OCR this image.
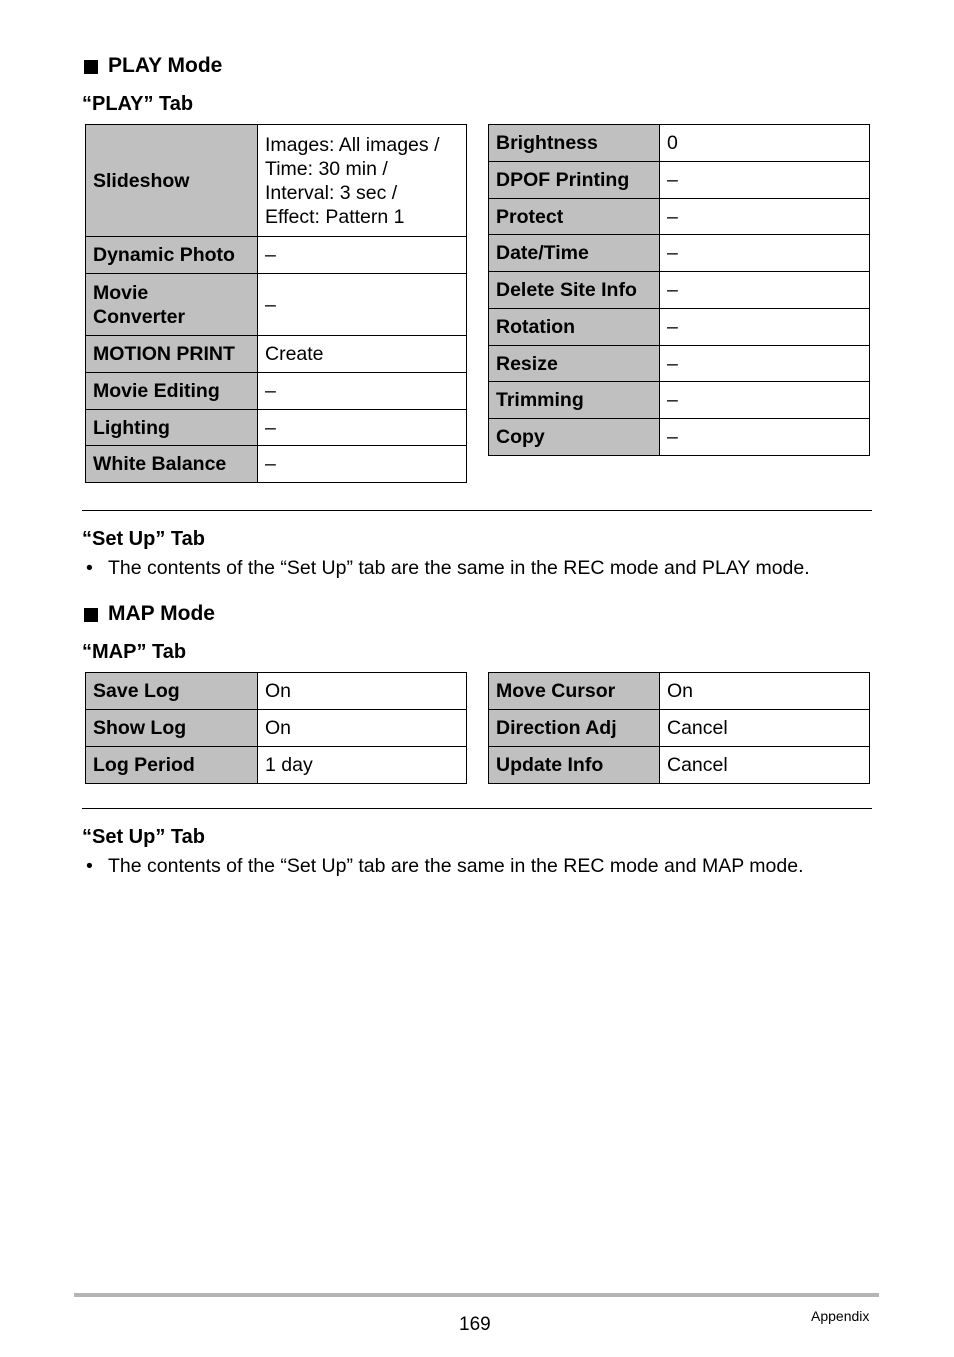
PLAY Mode
“PLAY” Tab
Slideshow	Images: All images /
Time: 30 min /
Interval: 3 sec /
Effect: Pattern 1

Dynamic Photo	–

Movie
Converter	–
MOTION PRINT	Create
Movie Editing	–
Lighting	–
White Balance	–
Brightness	0
DPOF Printing	–
Protect	–
Date/Time	–
Delete Site Info	–
Rotation	–
Resize	–
Trimming	–
Copy	–
“Set Up” Tab
• The contents of the “Set Up” tab are the same in the REC mode and PLAY mode.
MAP Mode
“MAP” Tab
Save Log	On
Show Log	On
Log Period	1 day
Move Cursor	On
Direction Adj	Cancel
Update Info	Cancel
“Set Up” Tab
• The contents of the “Set Up” tab are the same in the REC mode and MAP mode.
169	Appendix
